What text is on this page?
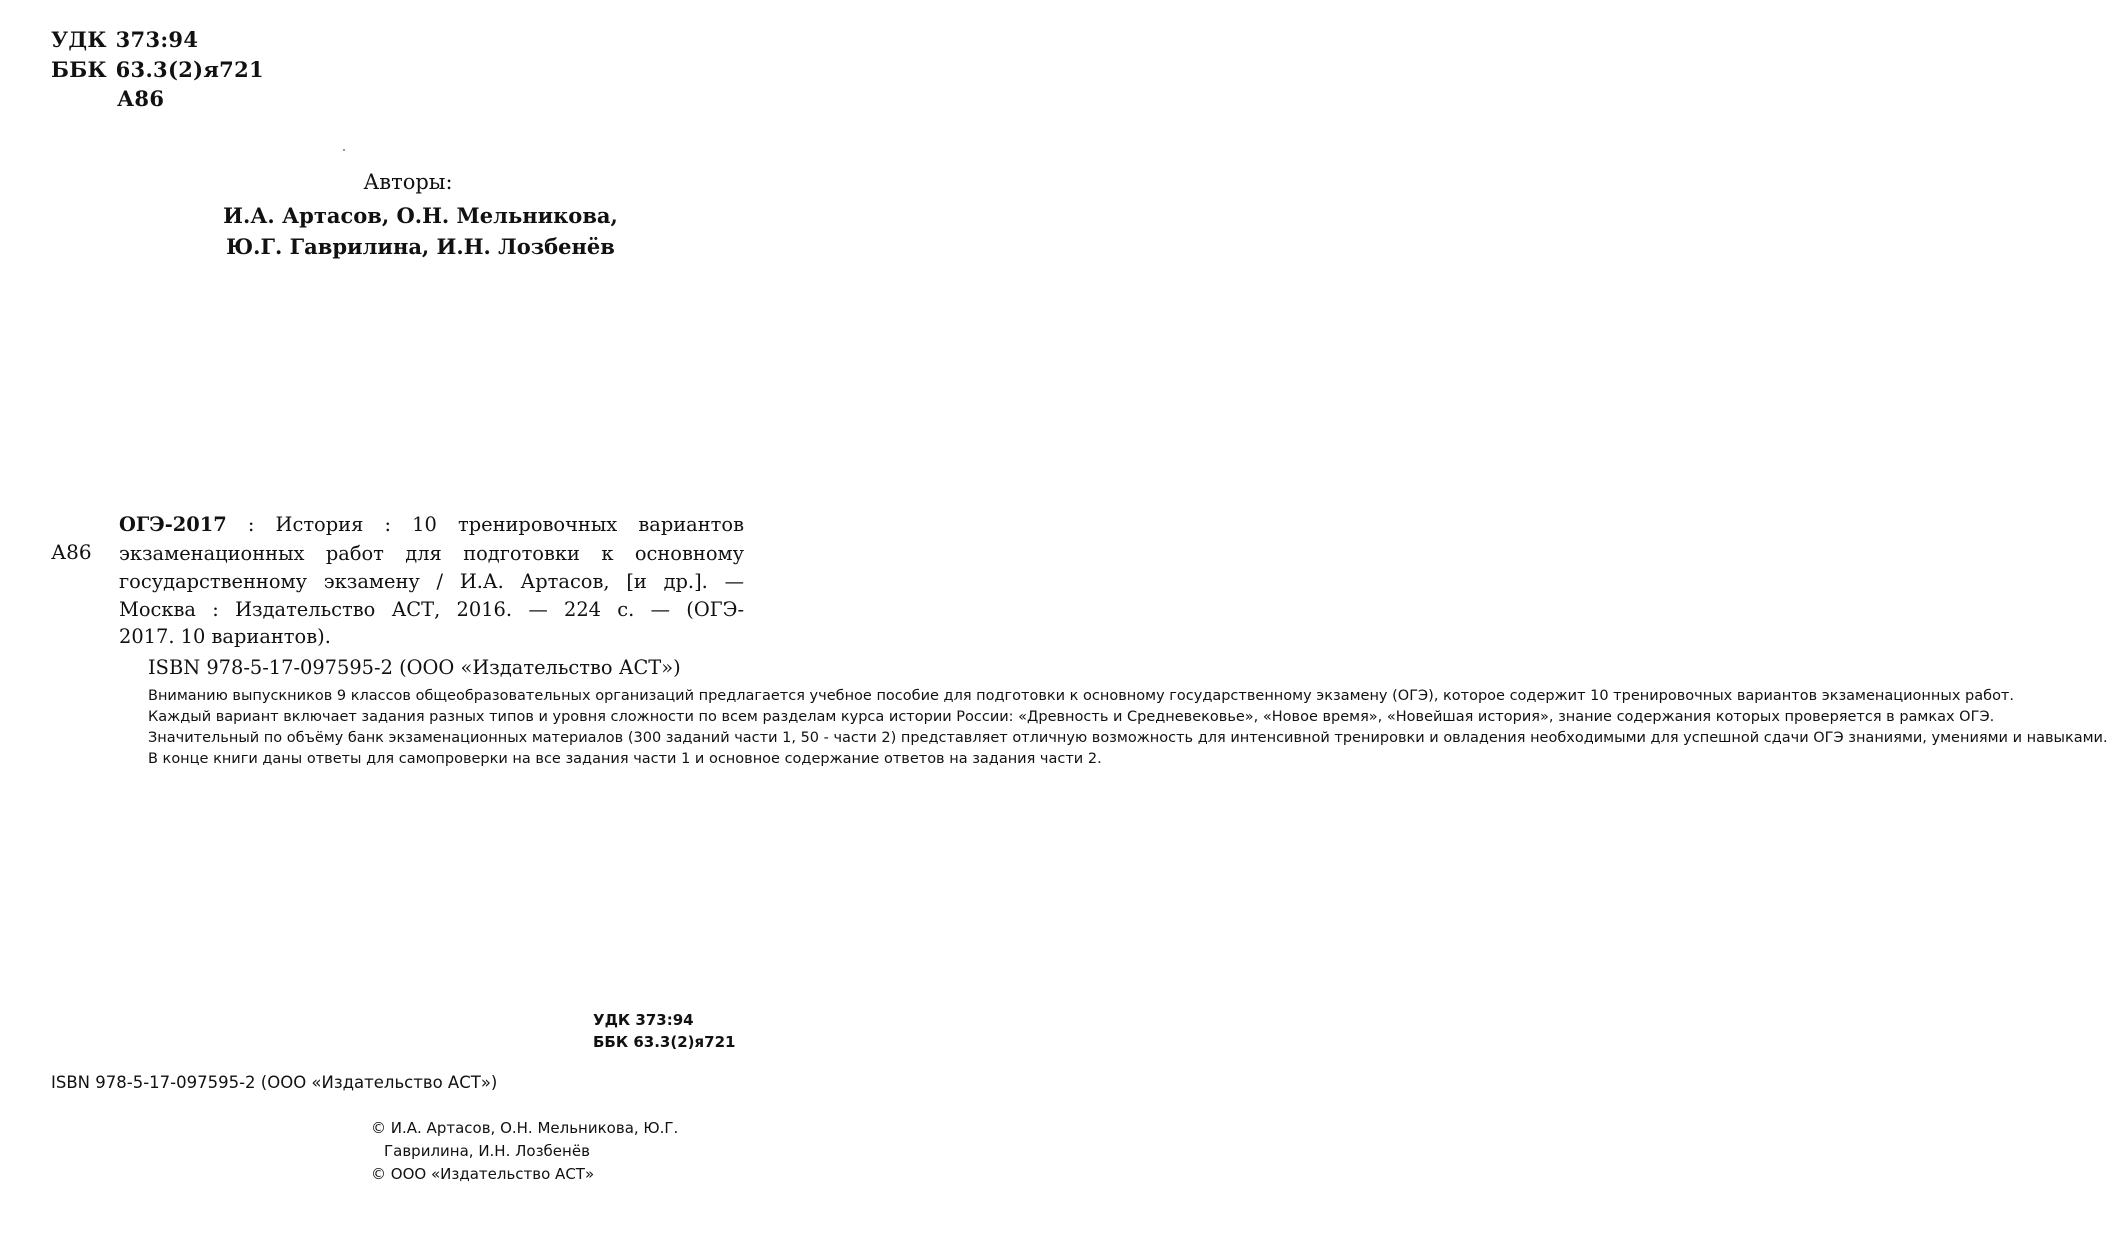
УДК 373:94
ББК 63.3(2)я721
А86
Авторы:
И.А. Артасов, О.Н. Мельникова,
Ю.Г. Гаврилина, И.Н. Лозбенёв
А86
ОГЭ-2017 : История : 10 тренировочных вариантов
экзаменационных работ для подготовки к основному
государственному экзамену / И.А. Артасов, [и др.]. —
Москва : Издательство АСТ, 2016. — 224 с. — (ОГЭ-
2017. 10 вариантов).
ISBN 978-5-17-097595-2 (ООО «Издательство АСТ»)

Вниманию выпускников 9 классов общеобразовательных организаций предлагается учебное пособие для подготовки к основному государственному экзамену (ОГЭ), которое содержит 10 тренировочных вариантов экзаменационных работ.

Каждый вариант включает задания разных типов и уровня сложности по всем разделам курса истории России: «Древность и Средневековье», «Новое время», «Новейшая история», знание содержания которых проверяется в рамках ОГЭ.

Значительный по объёму банк экзаменационных материалов (300 заданий части 1, 50 - части 2) представляет отличную возможность для интенсивной тренировки и овладения необходимыми для успешной сдачи ОГЭ знаниями, умениями и навыками.

В конце книги даны ответы для самопроверки на все задания части 1 и основное содержание ответов на задания части 2.

УДК 373:94
ББК 63.3(2)я721
ISBN 978-5-17-097595-2 (ООО «Издательство АСТ»)
© И.А. Артасов, О.Н. Мельникова, Ю.Г.
Гаврилина, И.Н. Лозбенёв
© ООО «Издательство АСТ»
